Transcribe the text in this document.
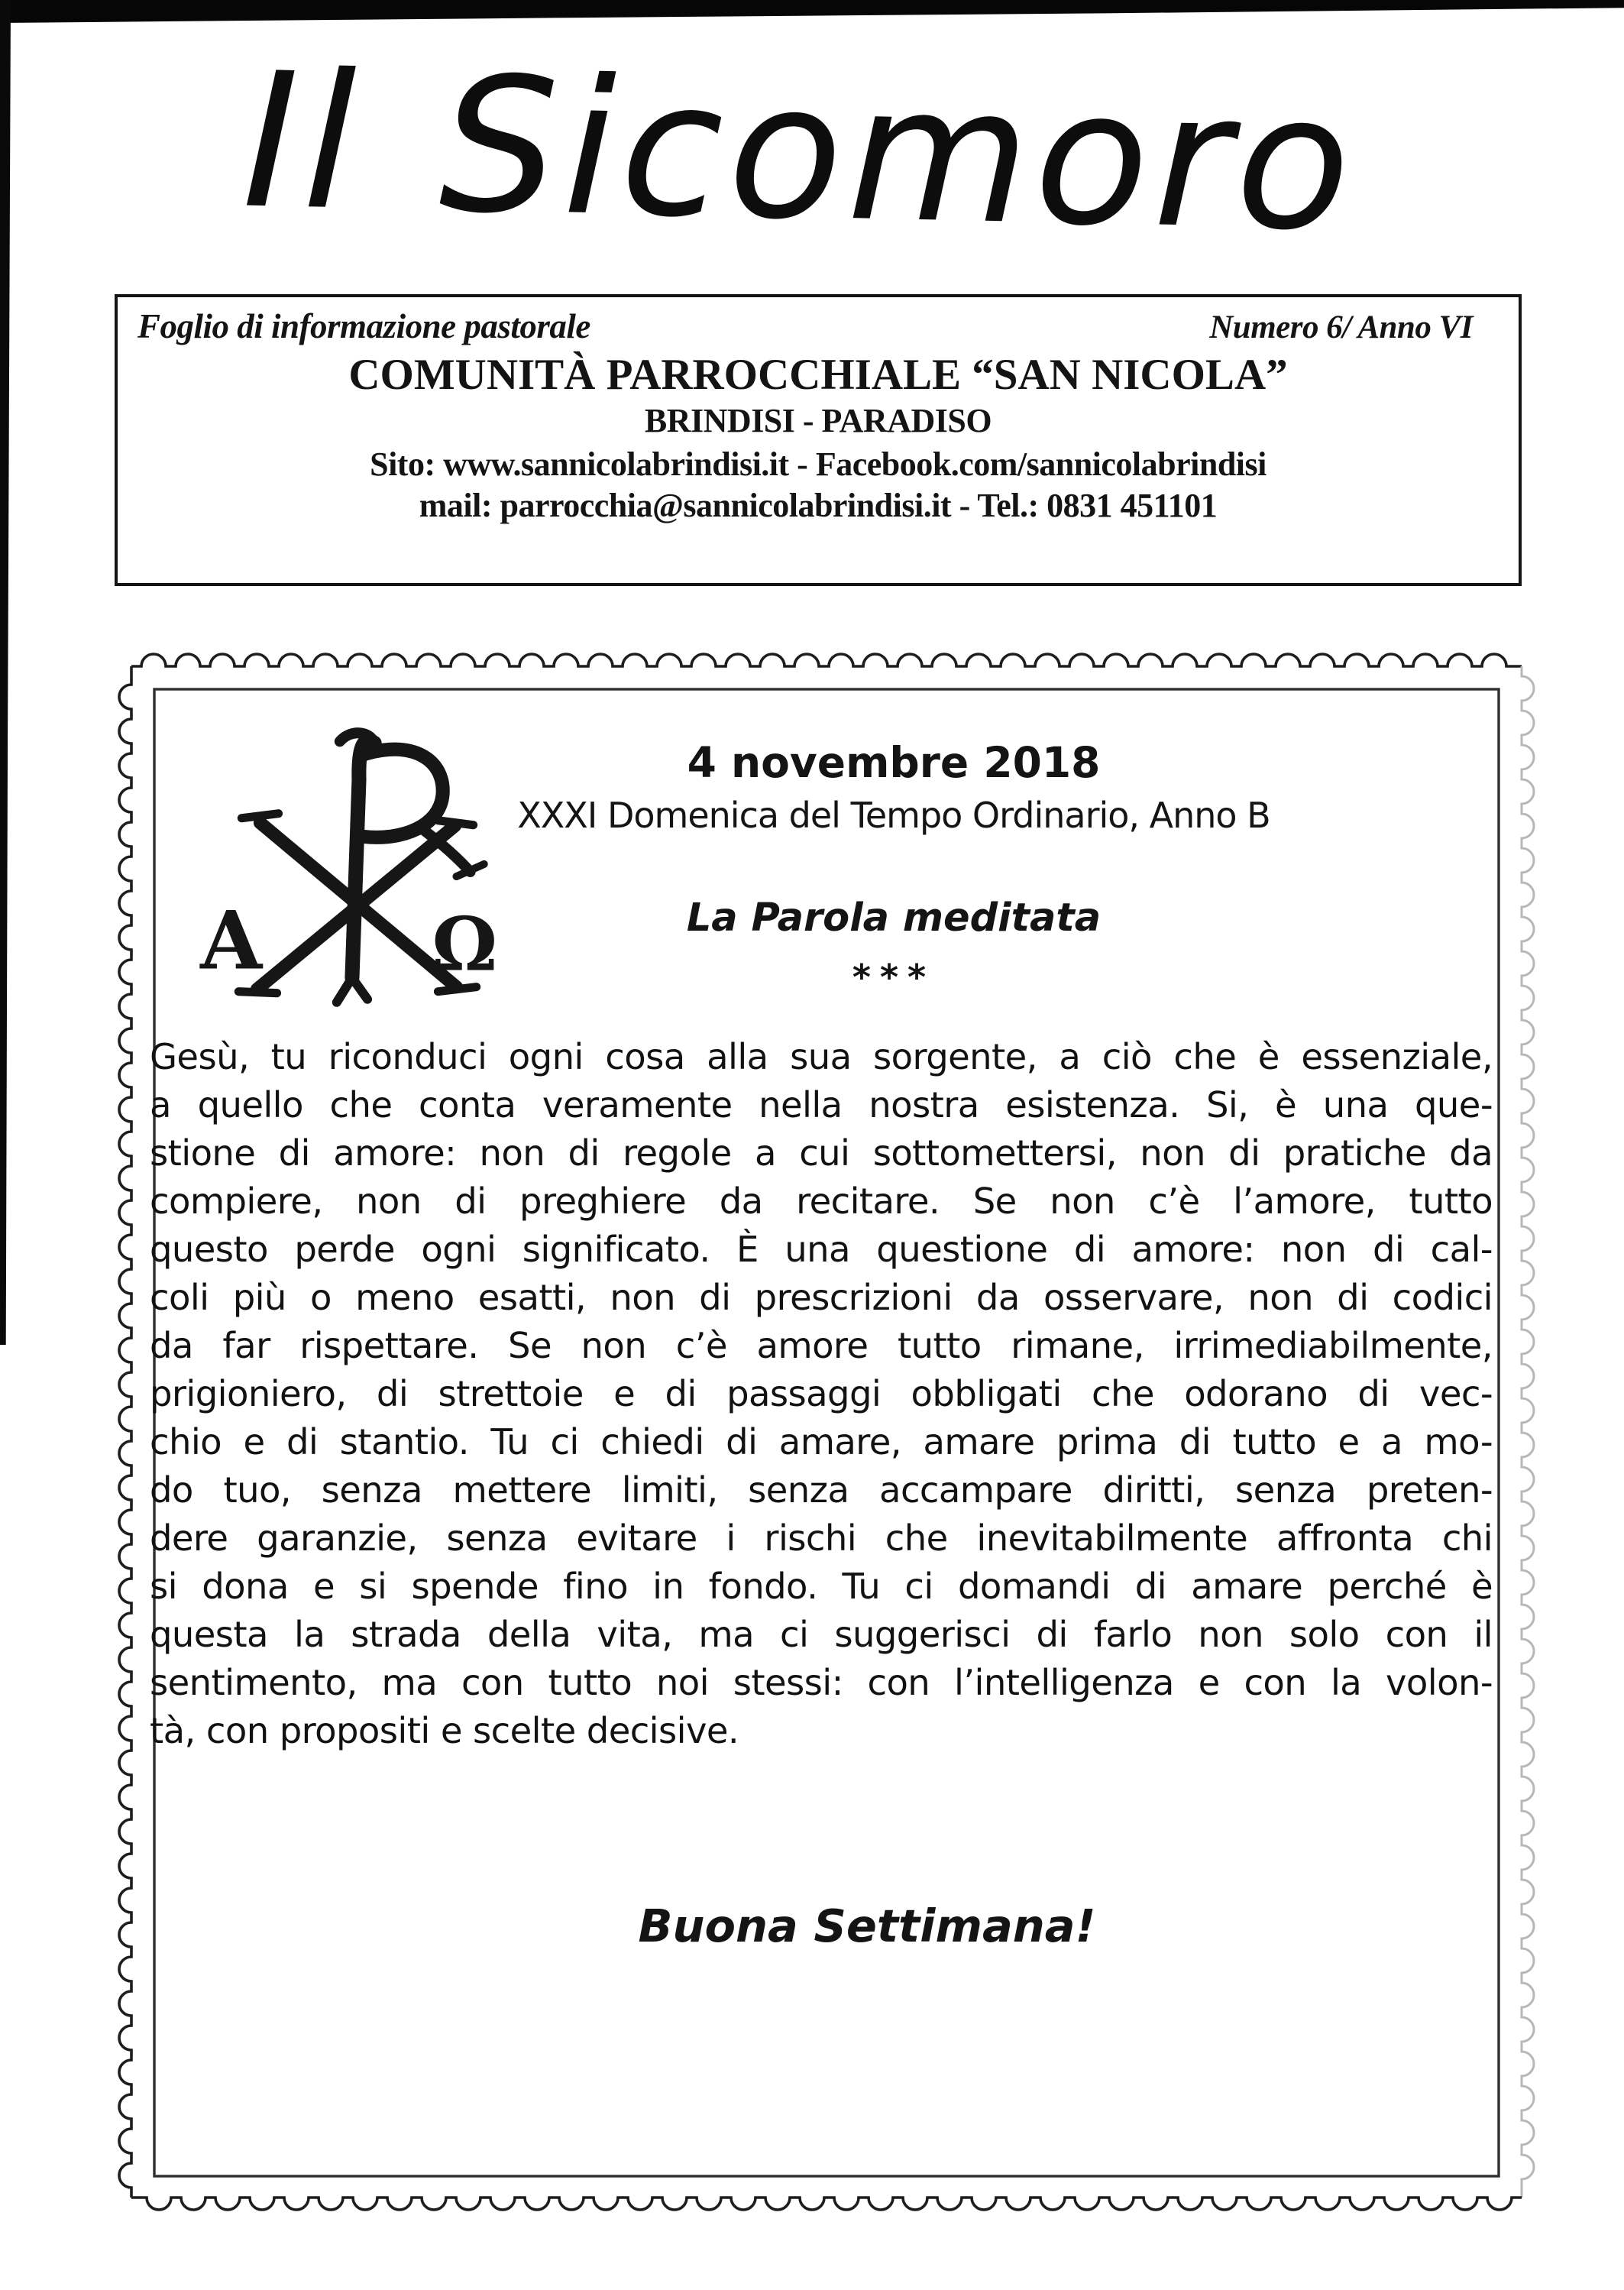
Il Sicomoro
Foglio di informazione pastorale	Numero 6/ Anno VI
COMUNITÀ PARROCCHIALE “SAN NICOLA”
BRINDISI - PARADISO
Sito: www.sannicolabrindisi.it - Facebook.com/sannicolabrindisi
mail: parrocchia@sannicolabrindisi.it - Tel.: 0831 451101
A Ω
4 novembre 2018
XXXI Domenica del Tempo Ordinario, Anno B
La Parola meditata
***
Gesù, tu riconduci ogni cosa alla sua sorgente, a ciò che è essenziale,
a quello che conta veramente nella nostra esistenza. Si, è una que-
stione di amore: non di regole a cui sottomettersi, non di pratiche da
compiere, non di preghiere da recitare. Se non c’è l’amore, tutto
questo perde ogni significato. È una questione di amore: non di cal-
coli più o meno esatti, non di prescrizioni da osservare, non di codici
da far rispettare. Se non c’è amore tutto rimane, irrimediabilmente,
prigioniero, di strettoie e di passaggi obbligati che odorano di vec-
chio e di stantio. Tu ci chiedi di amare, amare prima di tutto e a mo-
do tuo, senza mettere limiti, senza accampare diritti, senza preten-
dere garanzie, senza evitare i rischi che inevitabilmente affronta chi
si dona e si spende fino in fondo. Tu ci domandi di amare perché è
questa la strada della vita, ma ci suggerisci di farlo non solo con il
sentimento, ma con tutto noi stessi: con l’intelligenza e con la volon-
tà, con propositi e scelte decisive.
Buona Settimana!
